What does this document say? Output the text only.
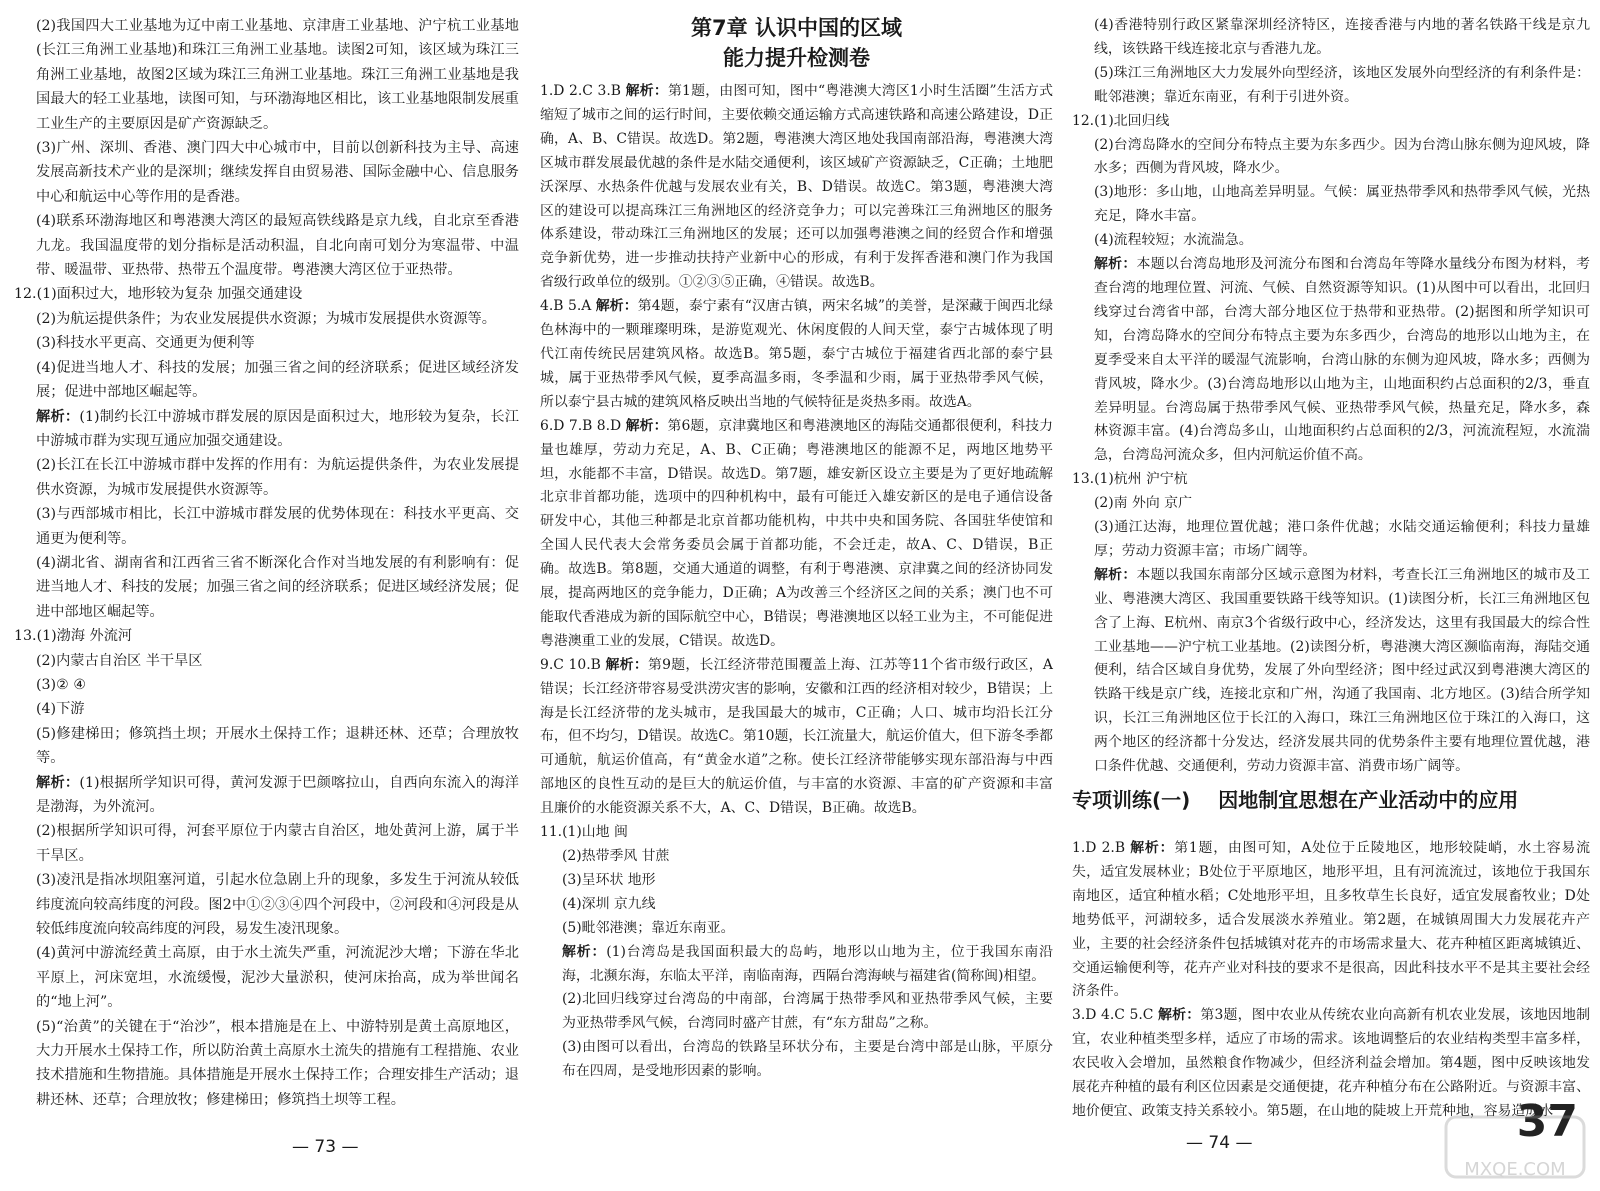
(2)我国四大工业基地为辽中南工业基地、京津唐工业基地、沪宁杭工业基地(长江三角洲工业基地)和珠江三角洲工业基地。读图2可知，该区域为珠江三角洲工业基地，故图2区域为珠江三角洲工业基地。珠江三角洲工业基地是我国最大的轻工业基地，读图可知，与环渤海地区相比，该工业基地限制发展重工业生产的主要原因是矿产资源缺乏。

(3)广州、深圳、香港、澳门四大中心城市中，目前以创新科技为主导、高速发展高新技术产业的是深圳；继续发挥自由贸易港、国际金融中心、信息服务中心和航运中心等作用的是香港。

(4)联系环渤海地区和粤港澳大湾区的最短高铁线路是京九线，自北京至香港九龙。我国温度带的划分指标是活动积温，自北向南可划分为寒温带、中温带、暖温带、亚热带、热带五个温度带。粤港澳大湾区位于亚热带。

12.(1)面积过大，地形较为复杂 加强交通建设

(2)为航运提供条件；为农业发展提供水资源；为城市发展提供水资源等。

(3)科技水平更高、交通更为便利等

(4)促进当地人才、科技的发展；加强三省之间的经济联系；促进区域经济发展；促进中部地区崛起等。

解析：(1)制约长江中游城市群发展的原因是面积过大，地形较为复杂，长江中游城市群为实现互通应加强交通建设。

(2)长江在长江中游城市群中发挥的作用有：为航运提供条件，为农业发展提供水资源，为城市发展提供水资源等。

(3)与西部城市相比，长江中游城市群发展的优势体现在：科技水平更高、交通更为便利等。

(4)湖北省、湖南省和江西省三省不断深化合作对当地发展的有利影响有：促进当地人才、科技的发展；加强三省之间的经济联系；促进区域经济发展；促进中部地区崛起等。

13.(1)渤海 外流河

(2)内蒙古自治区 半干旱区

(3)② ④

(4)下游

(5)修建梯田；修筑挡土坝；开展水土保持工作；退耕还林、还草；合理放牧等。

解析：(1)根据所学知识可得，黄河发源于巴颜喀拉山，自西向东流入的海洋是渤海，为外流河。

(2)根据所学知识可得，河套平原位于内蒙古自治区，地处黄河上游，属于半干旱区。

(3)凌汛是指冰坝阻塞河道，引起水位急剧上升的现象，多发生于河流从较低纬度流向较高纬度的河段。图2中①②③④四个河段中，②河段和④河段是从较低纬度流向较高纬度的河段，易发生凌汛现象。

(4)黄河中游流经黄土高原，由于水土流失严重，河流泥沙大增；下游在华北平原上，河床宽坦，水流缓慢，泥沙大量淤积，使河床抬高，成为举世闻名的“地上河”。

(5)“治黄”的关键在于“治沙”，根本措施是在上、中游特别是黄土高原地区，大力开展水土保持工作，所以防治黄土高原水土流失的措施有工程措施、农业技术措施和生物措施。具体措施是开展水土保持工作；合理安排生产活动；退耕还林、还草；合理放牧；修建梯田；修筑挡土坝等工程。

第7章 认识中国的区域
能力提升检测卷

1.D 2.C 3.B 解析：第1题，由图可知，图中“粤港澳大湾区1小时生活圈”生活方式缩短了城市之间的运行时间，主要依赖交通运输方式高速铁路和高速公路建设，D正确，A、B、C错误。故选D。第2题，粤港澳大湾区地处我国南部沿海，粤港澳大湾区城市群发展最优越的条件是水陆交通便利，该区域矿产资源缺乏，C正确；土地肥沃深厚、水热条件优越与发展农业有关，B、D错误。故选C。第3题，粤港澳大湾区的建设可以提高珠江三角洲地区的经济竞争力；可以完善珠江三角洲地区的服务体系建设，带动珠江三角洲地区的发展；还可以加强粤港澳之间的经贸合作和增强竞争新优势，进一步推动扶持产业新中心的形成，有利于发挥香港和澳门作为我国省级行政单位的级别。①②③⑤正确，④错误。故选B。

4.B 5.A 解析：第4题，泰宁素有“汉唐古镇，两宋名城”的美誉，是深藏于闽西北绿色林海中的一颗璀璨明珠，是游览观光、休闲度假的人间天堂，泰宁古城体现了明代江南传统民居建筑风格。故选B。第5题，泰宁古城位于福建省西北部的泰宁县城，属于亚热带季风气候，夏季高温多雨，冬季温和少雨，属于亚热带季风气候，所以泰宁县古城的建筑风格反映出当地的气候特征是炎热多雨。故选A。

6.D 7.B 8.D 解析：第6题，京津冀地区和粤港澳地区的海陆交通都很便利，科技力量也雄厚，劳动力充足，A、B、C正确；粤港澳地区的能源不足，两地区地势平坦，水能都不丰富，D错误。故选D。第7题，雄安新区设立主要是为了更好地疏解北京非首都功能，选项中的四种机构中，最有可能迁入雄安新区的是电子通信设备研发中心，其他三种都是北京首都功能机构，中共中央和国务院、各国驻华使馆和全国人民代表大会常务委员会属于首都功能，不会迁走，故A、C、D错误，B正确。故选B。第8题，交通大通道的调整，有利于粤港澳、京津冀之间的经济协同发展，提高两地区的竞争能力，D正确；A为改善三个经济区之间的关系；澳门也不可能取代香港成为新的国际航空中心，B错误；粤港澳地区以轻工业为主，不可能促进粤港澳重工业的发展，C错误。故选D。

9.C 10.B 解析：第9题，长江经济带范围覆盖上海、江苏等11个省市级行政区，A错误；长江经济带容易受洪涝灾害的影响，安徽和江西的经济相对较少，B错误；上海是长江经济带的龙头城市，是我国最大的城市，C正确；人口、城市均沿长江分布，但不均匀，D错误。故选C。第10题，长江流量大，航运价值大，但下游冬季都可通航，航运价值高，有“黄金水道”之称。使长江经济带能够实现东部沿海与中西部地区的良性互动的是巨大的航运价值，与丰富的水资源、丰富的矿产资源和丰富且廉价的水能资源关系不大，A、C、D错误，B正确。故选B。

11.(1)山地 闽

(2)热带季风 甘蔗

(3)呈环状 地形

(4)深圳 京九线

(5)毗邻港澳；靠近东南亚。

解析：(1)台湾岛是我国面积最大的岛屿，地形以山地为主，位于我国东南沿海，北濒东海，东临太平洋，南临南海，西隔台湾海峡与福建省(简称闽)相望。

(2)北回归线穿过台湾岛的中南部，台湾属于热带季风和亚热带季风气候，主要为亚热带季风气候，台湾同时盛产甘蔗，有“东方甜岛”之称。

(3)由图可以看出，台湾岛的铁路呈环状分布，主要是台湾中部是山脉，平原分布在四周，是受地形因素的影响。

(4)香港特别行政区紧靠深圳经济特区，连接香港与内地的著名铁路干线是京九线，该铁路干线连接北京与香港九龙。

(5)珠江三角洲地区大力发展外向型经济，该地区发展外向型经济的有利条件是：毗邻港澳；靠近东南亚，有利于引进外资。

12.(1)北回归线

(2)台湾岛降水的空间分布特点主要为东多西少。因为台湾山脉东侧为迎风坡，降水多；西侧为背风坡，降水少。

(3)地形：多山地，山地高差异明显。气候：属亚热带季风和热带季风气候，光热充足，降水丰富。

(4)流程较短；水流湍急。

解析：本题以台湾岛地形及河流分布图和台湾岛年等降水量线分布图为材料，考查台湾的地理位置、河流、气候、自然资源等知识。(1)从图中可以看出，北回归线穿过台湾省中部，台湾大部分地区位于热带和亚热带。(2)据图和所学知识可知，台湾岛降水的空间分布特点主要为东多西少，台湾岛的地形以山地为主，在夏季受来自太平洋的暖湿气流影响，台湾山脉的东侧为迎风坡，降水多；西侧为背风坡，降水少。(3)台湾岛地形以山地为主，山地面积约占总面积的2/3，垂直差异明显。台湾岛属于热带季风气候、亚热带季风气候，热量充足，降水多，森林资源丰富。(4)台湾岛多山，山地面积约占总面积的2/3，河流流程短，水流湍急，台湾岛河流众多，但内河航运价值不高。

13.(1)杭州 沪宁杭

(2)南 外向 京广

(3)通江达海，地理位置优越；港口条件优越；水陆交通运输便利；科技力量雄厚；劳动力资源丰富；市场广阔等。

解析：本题以我国东南部分区域示意图为材料，考查长江三角洲地区的城市及工业、粤港澳大湾区、我国重要铁路干线等知识。(1)读图分析，长江三角洲地区包含了上海、E杭州、南京3个省级行政中心，经济发达，这里有我国最大的综合性工业基地——沪宁杭工业基地。(2)读图分析，粤港澳大湾区濒临南海，海陆交通便利，结合区域自身优势，发展了外向型经济；图中经过武汉到粤港澳大湾区的铁路干线是京广线，连接北京和广州，沟通了我国南、北方地区。(3)结合所学知识，长江三角洲地区位于长江的入海口，珠江三角洲地区位于珠江的入海口，这两个地区的经济都十分发达，经济发展共同的优势条件主要有地理位置优越，港口条件优越、交通便利，劳动力资源丰富、消费市场广阔等。

专项训练(一) 因地制宜思想在产业活动中的应用

1.D 2.B 解析：第1题，由图可知，A处位于丘陵地区，地形较陡峭，水土容易流失，适宜发展林业；B处位于平原地区，地形平坦，且有河流流过，该地位于我国东南地区，适宜种植水稻；C处地形平坦，且多牧草生长良好，适宜发展畜牧业；D处地势低平，河湖较多，适合发展淡水养殖业。第2题，在城镇周围大力发展花卉产业，主要的社会经济条件包括城镇对花卉的市场需求量大、花卉种植区距离城镇近、交通运输便利等，花卉产业对科技的要求不是很高，因此科技水平不是其主要社会经济条件。

3.D 4.C 5.C 解析：第3题，图中农业从传统农业向高新有机农业发展，该地因地制宜，农业种植类型多样，适应了市场的需求。该地调整后的农业结构类型丰富多样，农民收入会增加，虽然粮食作物减少，但经济利益会增加。第4题，图中反映该地发展花卉种植的最有利区位因素是交通便捷，花卉种植分布在公路附近。与资源丰富、地价便宜、政策支持关系较小。第5题，在山地的陡坡上开荒种地，容易造成水

— 73 —	— 74 —	37
MXQE.COM
